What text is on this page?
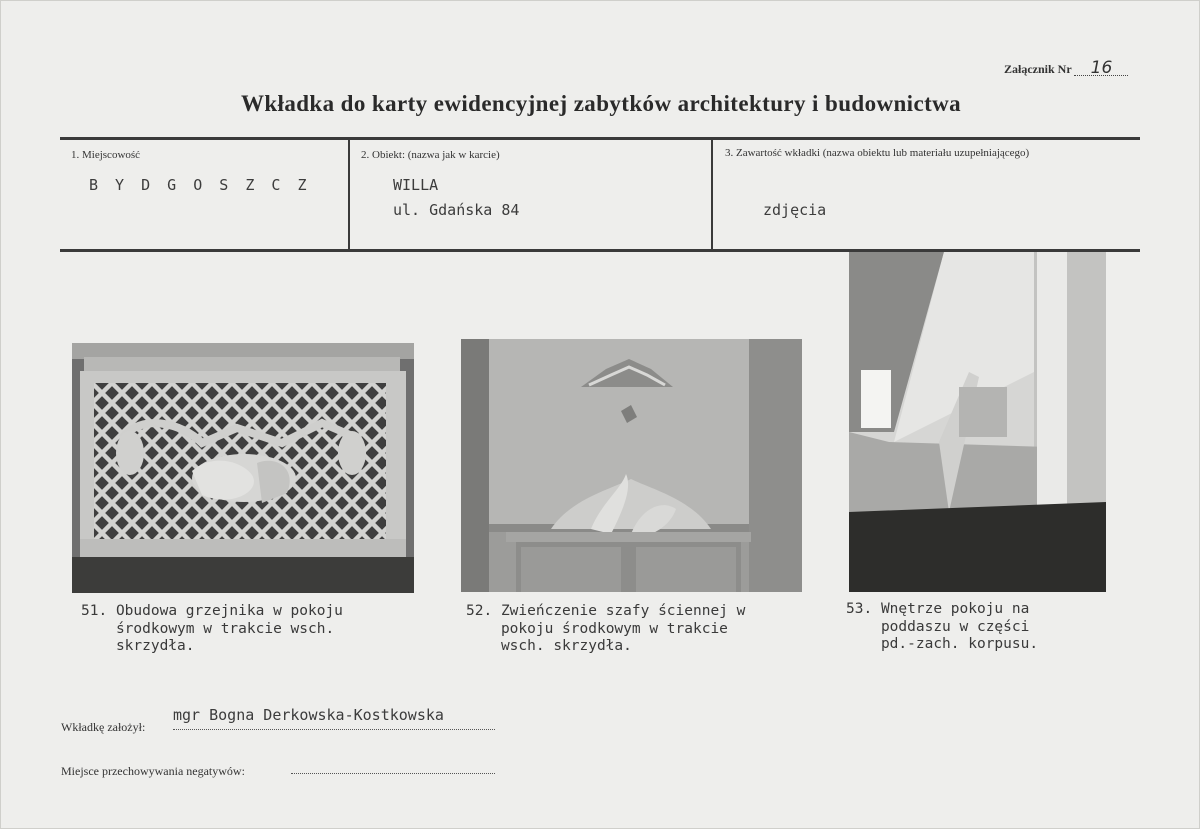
Załącznik Nr 16
Wkładka do karty ewidencyjnej zabytków architektury i budownictwa
1. Miejscowość
B Y D G O S Z C Z
2. Obiekt: (nazwa jak w karcie)
WILLA
ul. Gdańska 84
3. Zawartość wkładki (nazwa obiektu lub materiału uzupełniającego)
zdjęcia
51. Obudowa grzejnika w pokoju
środkowym w trakcie wsch.
skrzydła.
52. Zwieńczenie szafy ściennej w
pokoju środkowym w trakcie
wsch. skrzydła.
53. Wnętrze pokoju na
poddaszu w części
pd.-zach. korpusu.
Wkładkę założył:
mgr Bogna Derkowska-Kostkowska
Miejsce przechowywania negatywów:
